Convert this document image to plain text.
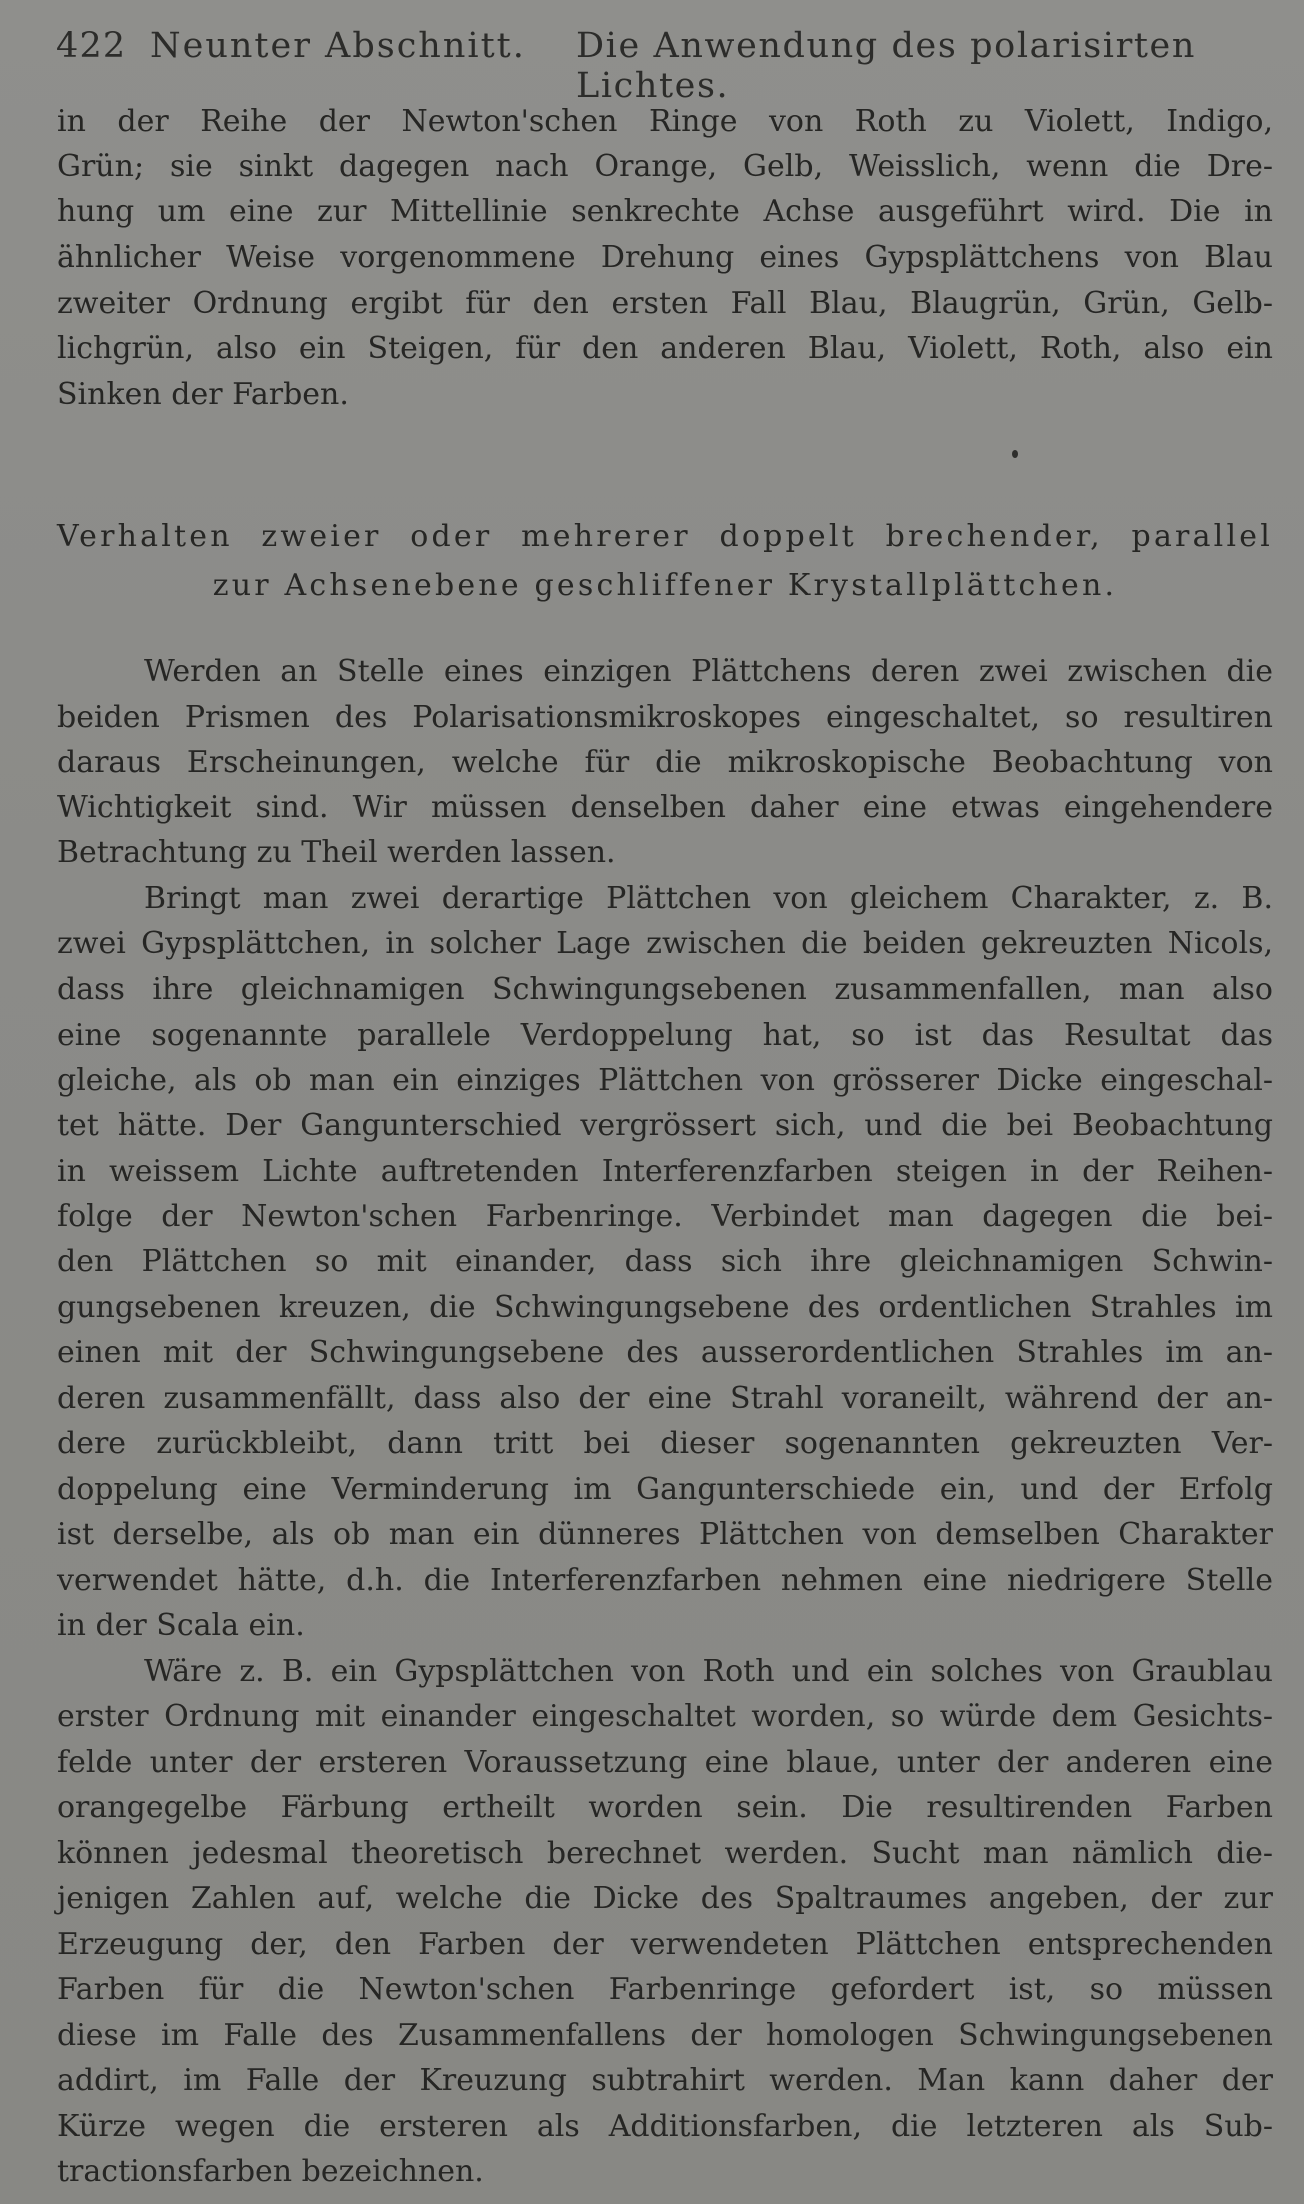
422 Neunter Abschnitt. Die Anwendung des polarisirten Lichtes.
in der Reihe der Newton'schen Ringe von Roth zu Violett, Indigo,
Grün; sie sinkt dagegen nach Orange, Gelb, Weisslich, wenn die Dre-
hung um eine zur Mittellinie senkrechte Achse ausgeführt wird. Die in
ähnlicher Weise vorgenommene Drehung eines Gypsplättchens von Blau
zweiter Ordnung ergibt für den ersten Fall Blau, Blaugrün, Grün, Gelb-
lichgrün, also ein Steigen, für den anderen Blau, Violett, Roth, also ein
Sinken der Farben.
Verhalten zweier oder mehrerer doppelt brechender, parallel
zur Achsenebene geschliffener Krystallplättchen.
Werden an Stelle eines einzigen Plättchens deren zwei zwischen die
beiden Prismen des Polarisationsmikroskopes eingeschaltet, so resultiren
daraus Erscheinungen, welche für die mikroskopische Beobachtung von
Wichtigkeit sind. Wir müssen denselben daher eine etwas eingehendere
Betrachtung zu Theil werden lassen.
Bringt man zwei derartige Plättchen von gleichem Charakter, z. B.
zwei Gypsplättchen, in solcher Lage zwischen die beiden gekreuzten Nicols,
dass ihre gleichnamigen Schwingungsebenen zusammenfallen, man also
eine sogenannte parallele Verdoppelung hat, so ist das Resultat das
gleiche, als ob man ein einziges Plättchen von grösserer Dicke eingeschal-
tet hätte. Der Gangunterschied vergrössert sich, und die bei Beobachtung
in weissem Lichte auftretenden Interferenzfarben steigen in der Reihen-
folge der Newton'schen Farbenringe. Verbindet man dagegen die bei-
den Plättchen so mit einander, dass sich ihre gleichnamigen Schwin-
gungsebenen kreuzen, die Schwingungsebene des ordentlichen Strahles im
einen mit der Schwingungsebene des ausserordentlichen Strahles im an-
deren zusammenfällt, dass also der eine Strahl voraneilt, während der an-
dere zurückbleibt, dann tritt bei dieser sogenannten gekreuzten Ver-
doppelung eine Verminderung im Gangunterschiede ein, und der Erfolg
ist derselbe, als ob man ein dünneres Plättchen von demselben Charakter
verwendet hätte, d.h. die Interferenzfarben nehmen eine niedrigere Stelle
in der Scala ein.
Wäre z. B. ein Gypsplättchen von Roth und ein solches von Graublau
erster Ordnung mit einander eingeschaltet worden, so würde dem Gesichts-
felde unter der ersteren Voraussetzung eine blaue, unter der anderen eine
orangegelbe Färbung ertheilt worden sein. Die resultirenden Farben
können jedesmal theoretisch berechnet werden. Sucht man nämlich die-
jenigen Zahlen auf, welche die Dicke des Spaltraumes angeben, der zur
Erzeugung der, den Farben der verwendeten Plättchen entsprechenden
Farben für die Newton'schen Farbenringe gefordert ist, so müssen
diese im Falle des Zusammenfallens der homologen Schwingungsebenen
addirt, im Falle der Kreuzung subtrahirt werden. Man kann daher der
Kürze wegen die ersteren als Additionsfarben, die letzteren als Sub-
tractionsfarben bezeichnen.
